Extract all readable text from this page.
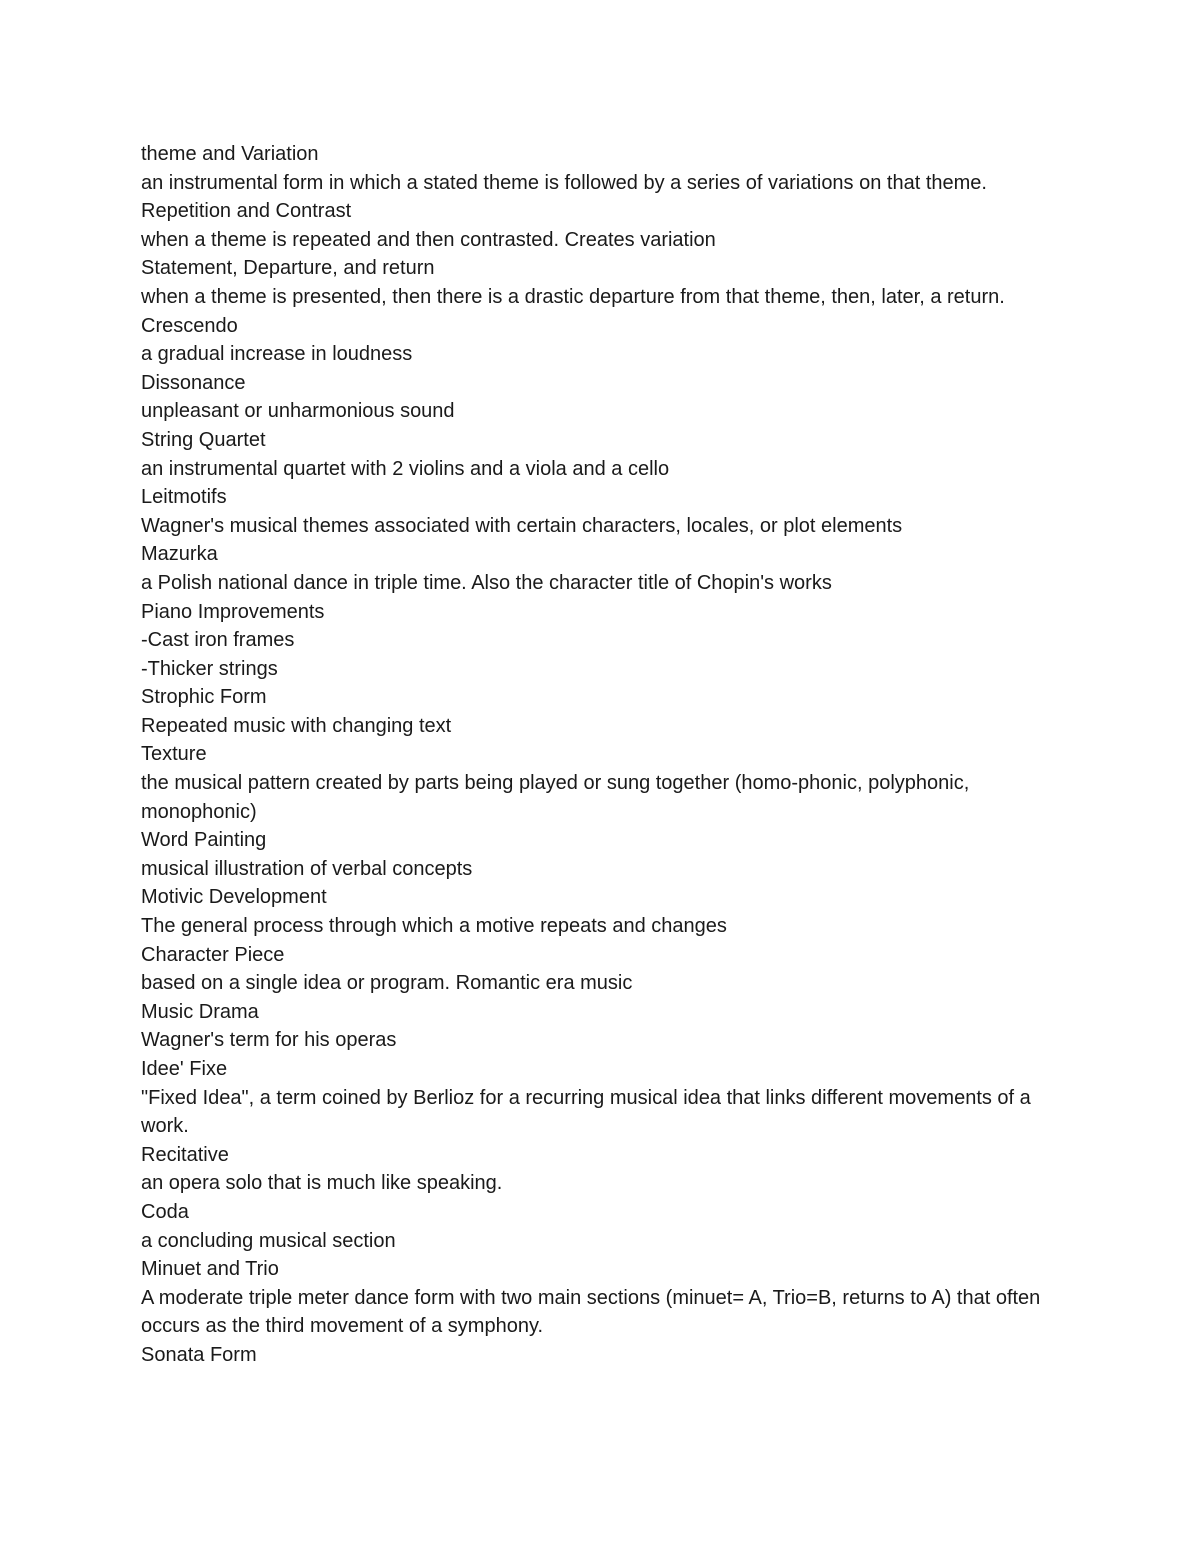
theme and Variation

an instrumental form in which a stated theme is followed by a series of variations on that theme.

Repetition and Contrast

when a theme is repeated and then contrasted. Creates variation

Statement, Departure, and return

when a theme is presented, then there is a drastic departure from that theme, then, later, a return.

Crescendo

a gradual increase in loudness

Dissonance

unpleasant or unharmonious sound

String Quartet

an instrumental quartet with 2 violins and a viola and a cello

Leitmotifs

Wagner's musical themes associated with certain characters, locales, or plot elements

Mazurka

a Polish national dance in triple time. Also the character title of Chopin's works

Piano Improvements

-Cast iron frames

-Thicker strings

Strophic Form

Repeated music with changing text

Texture

the musical pattern created by parts being played or sung together (homo-phonic, polyphonic, monophonic)

Word Painting

musical illustration of verbal concepts

Motivic Development

The general process through which a motive repeats and changes

Character Piece

based on a single idea or program. Romantic era music

Music Drama

Wagner's term for his operas

Idee' Fixe

"Fixed Idea", a term coined by Berlioz for a recurring musical idea that links different movements of a work.

Recitative

an opera solo that is much like speaking.

Coda

a concluding musical section

Minuet and Trio

A moderate triple meter dance form with two main sections (minuet= A, Trio=B, returns to A) that often occurs as the third movement of a symphony.

Sonata Form
